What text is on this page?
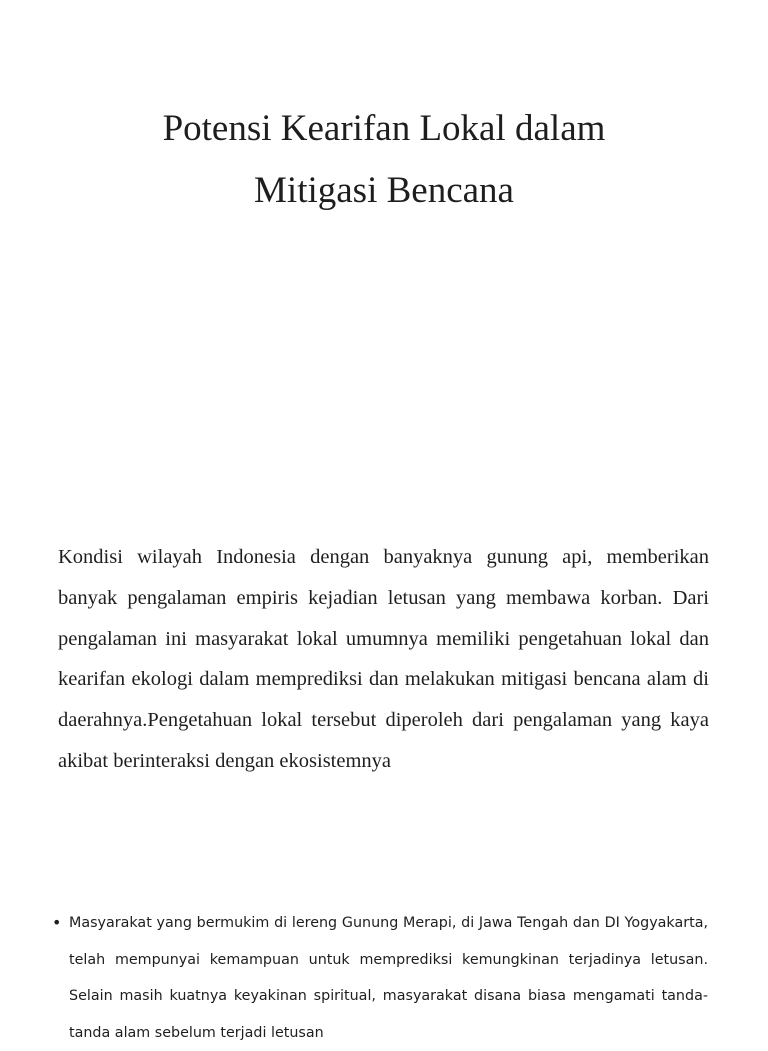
Potensi Kearifan Lokal dalam
Mitigasi Bencana

Kondisi wilayah Indonesia dengan banyaknya gunung api, memberikan banyak pengalaman empiris kejadian letusan yang membawa korban. Dari pengalaman ini masyarakat lokal umumnya memiliki pengetahuan lokal dan kearifan ekologi dalam memprediksi dan melakukan mitigasi bencana alam di daerahnya.Pengetahuan lokal tersebut diperoleh dari pengalaman yang kaya akibat berinteraksi dengan ekosistemnya

• Masyarakat yang bermukim di lereng Gunung Merapi, di Jawa Tengah dan DI Yogyakarta, telah mempunyai kemampuan untuk memprediksi kemungkinan terjadinya letusan. Selain masih kuatnya keyakinan spiritual, masyarakat disana biasa mengamati tanda-tanda alam sebelum terjadi letusan
